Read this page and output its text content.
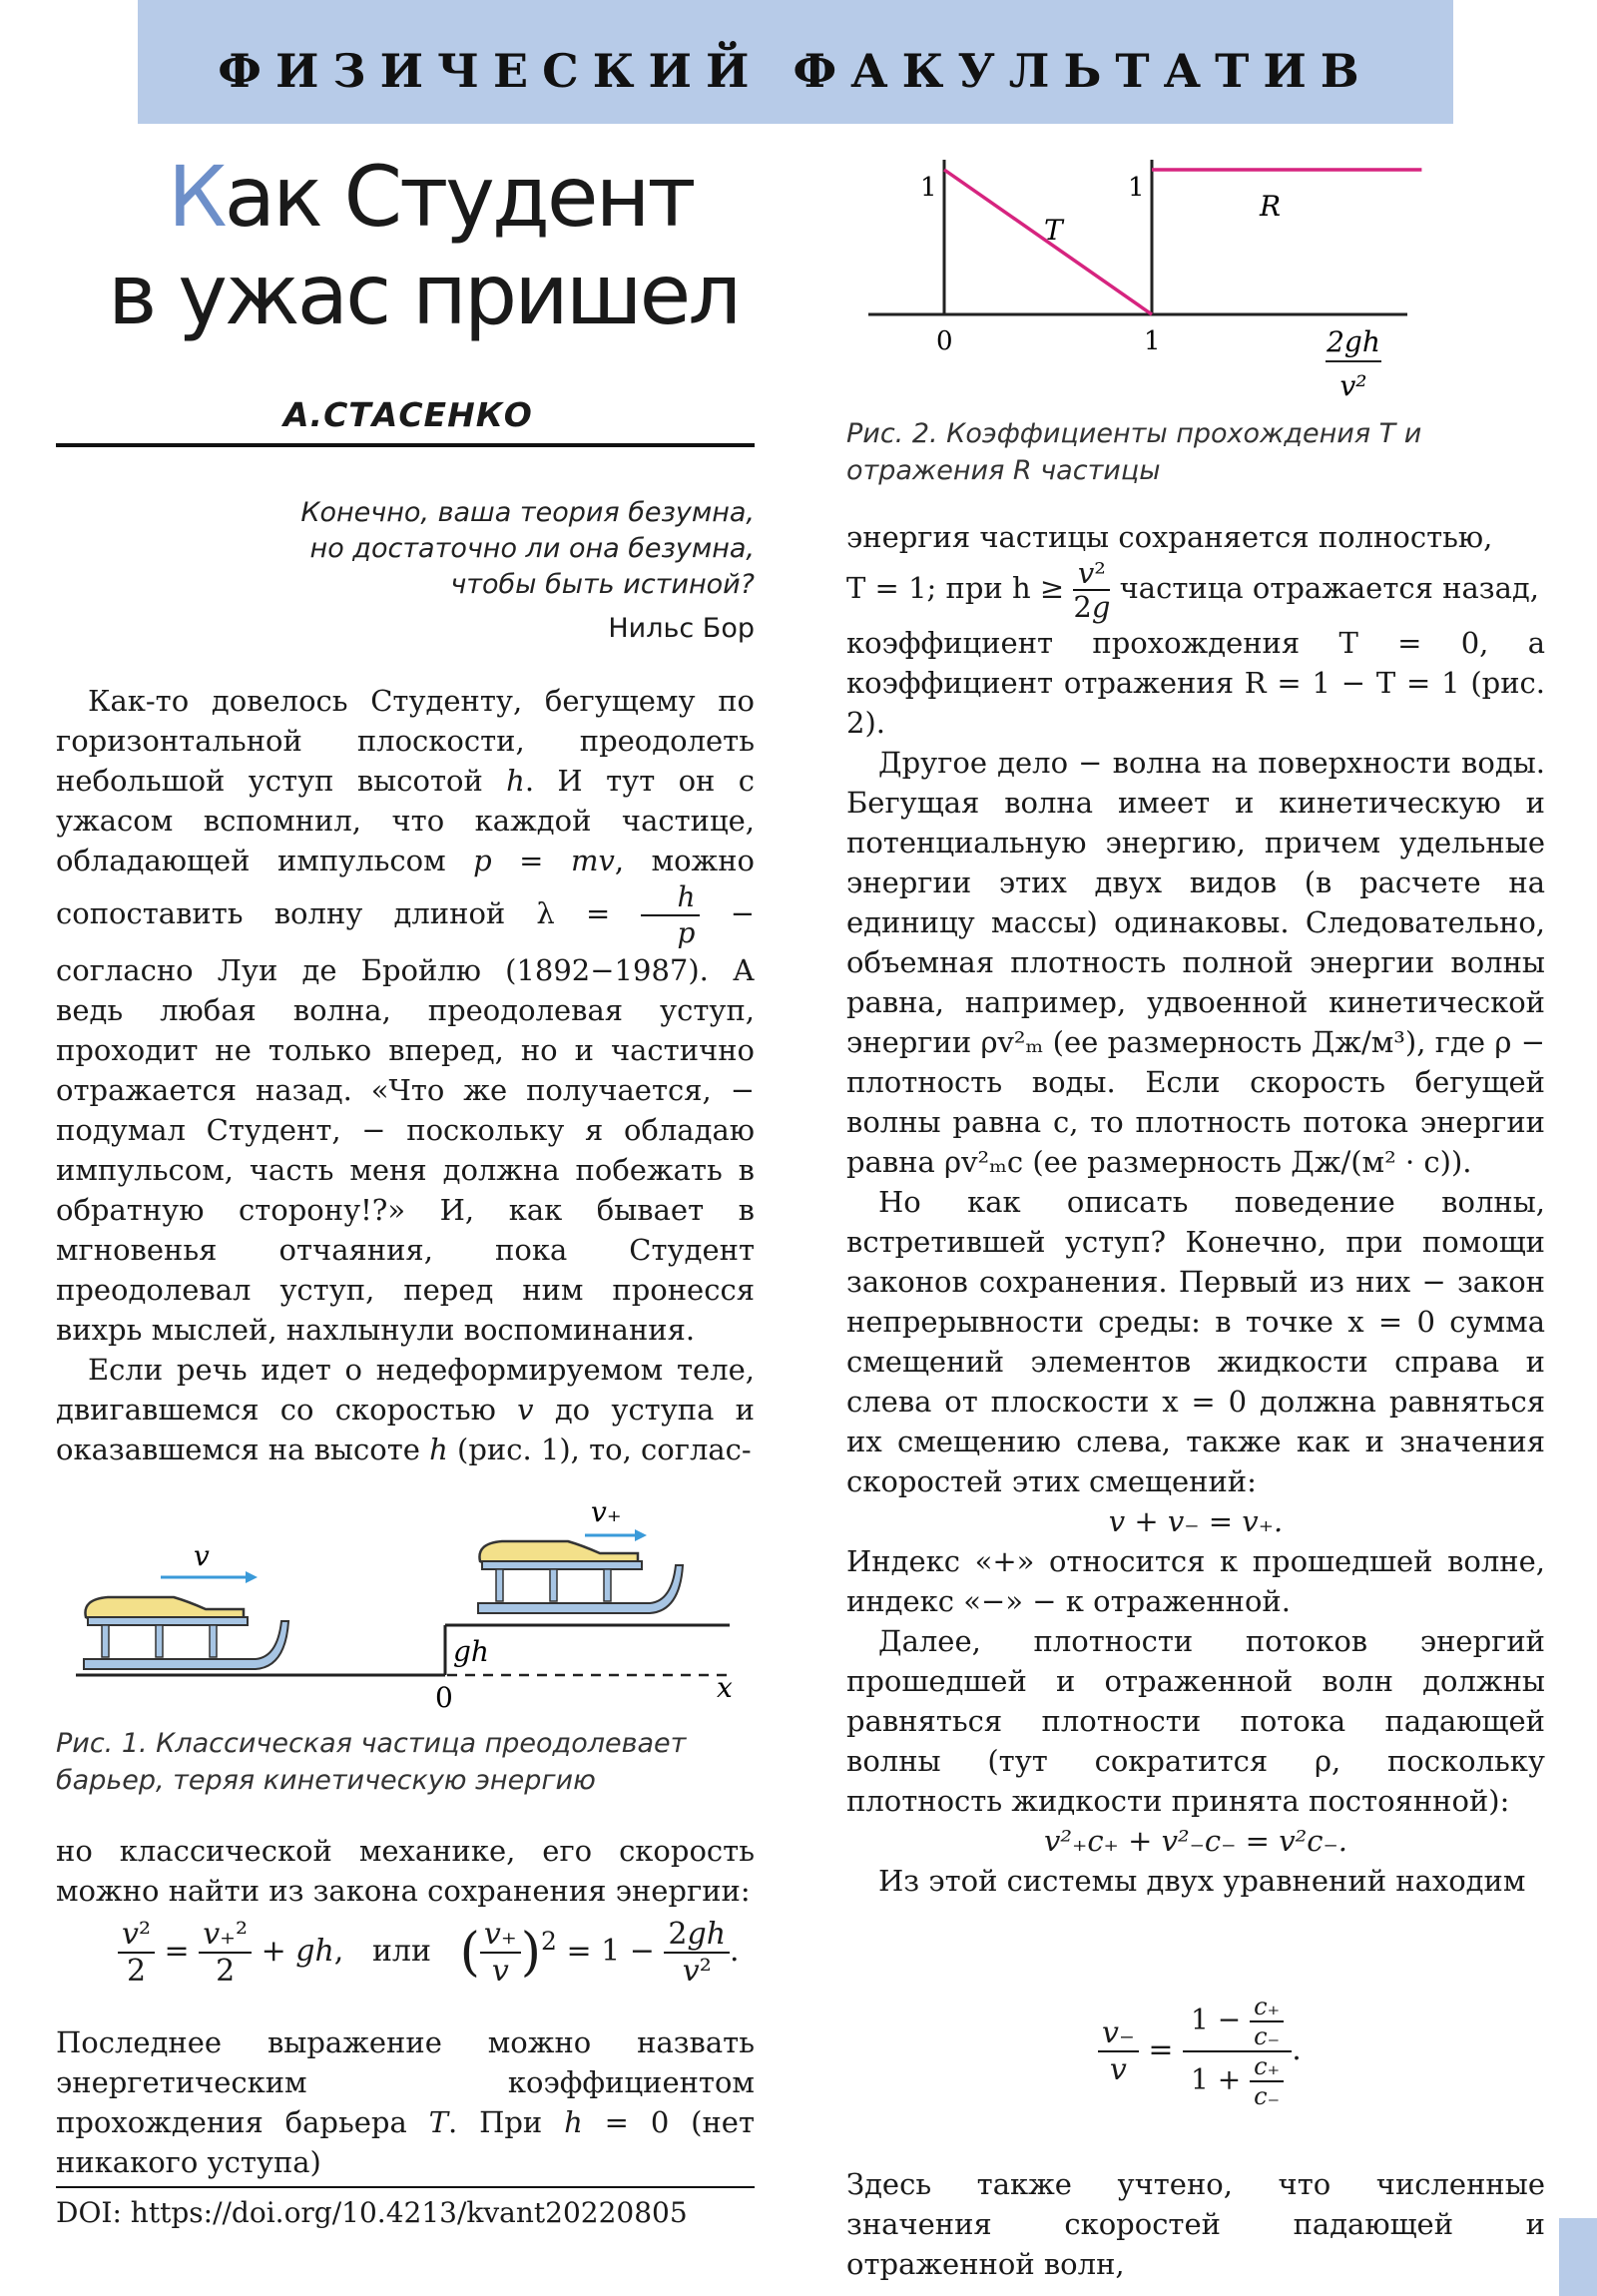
ФИЗИЧЕСКИЙ ФАКУЛЬТАТИВ
Как Студент
в ужас пришел
А.СТАСЕНКО
Конечно, ваша теория безумна,
но достаточно ли она безумна,
чтобы быть истиной?
Нильс Бор

Как-то довелось Студенту, бегущему по горизонтальной плоскости, преодолеть небольшой уступ высотой h. И тут он с ужасом вспомнил, что каждой частице, обладающей импульсом p = mv, можно сопоставить волну длиной $\lambda = \frac{h}{p}$ − согласно Луи де Бройлю (1892−1987). А ведь любая волна, преодолевая уступ, проходит не только вперед, но и частично отражается назад. «Что же получается, − подумал Студент, − поскольку я обладаю импульсом, часть меня должна побежать в обратную сторону!?» И, как бывает в мгновенья отчаяния, пока Студент преодолевал уступ, перед ним пронесся вихрь мыслей, нахлынули воспоминания.

Если речь идет о недеформируемом теле, двигавшемся со скоростью v до уступа и оказавшемся на высоте h (рис. 1), то, соглас-

v
v₊
gh
0	x
Рис. 1. Классическая частица преодолевает барьер, теряя кинетическую энергию

но классической механике, его скорость можно найти из закона сохранения энергии:

$\frac{\text{v²}}{2} = \frac{\text{v₊²}}{2}$ + gh,   или ( $\frac{v_+}{v} )^2 = 1 - \frac{2gh}{\text{v²}}$ .

Последнее выражение можно назвать энергетическим коэффициентом прохождения барьера T. При h = 0 (нет никакого уступа)

DOI: https://doi.org/10.4213/kvant20220805
1	1
T
R
0	1	2gh
v²
Рис. 2. Коэффициенты прохождения T и отражения R частицы

энергия частицы сохраняется полностью,

T = 1; при $h \ge \frac{\text{v²}}{2g}$ частица отражается назад,

коэффициент прохождения T = 0, а коэффициент отражения R = 1 − T = 1 (рис. 2).

Другое дело − волна на поверхности воды. Бегущая волна имеет и кинетическую и потенциальную энергию, причем удельные энергии этих двух видов (в расчете на единицу массы) одинаковы. Следовательно, объемная плотность полной энергии волны равна, например, удвоенной кинетической энергии ρv²ₘ (ее размерность Дж/м³), где ρ − плотность воды. Если скорость бегущей волны равна c, то плотность потока энергии равна ρv²ₘc (ее размерность Дж/(м² · с)).

Но как описать поведение волны, встретившей уступ? Конечно, при помощи законов сохранения. Первый из них − закон непрерывности среды: в точке x = 0 сумма смещений элементов жидкости справа и слева от плоскости x = 0 должна равняться их смещению слева, также как и значения скоростей этих смещений:

v + v₋ = v₊.

Индекс «+» относится к прошедшей волне, индекс «−» − к отраженной.

Далее, плотности потоков энергий прошедшей и отраженной волн должны равняться плотности потока падающей волны (тут сократится ρ, поскольку плотность жидкости принята постоянной):

v²₊c₊ + v²₋c₋ = v²c₋.

Из этой системы двух уравнений находим

$\frac{v_-}{v} = \frac{1 - \frac{c_+}{c_-}}{1 + \frac{c_+}{c_-}}$ .

Здесь также учтено, что численные значения скоростей падающей и отраженной волн,
